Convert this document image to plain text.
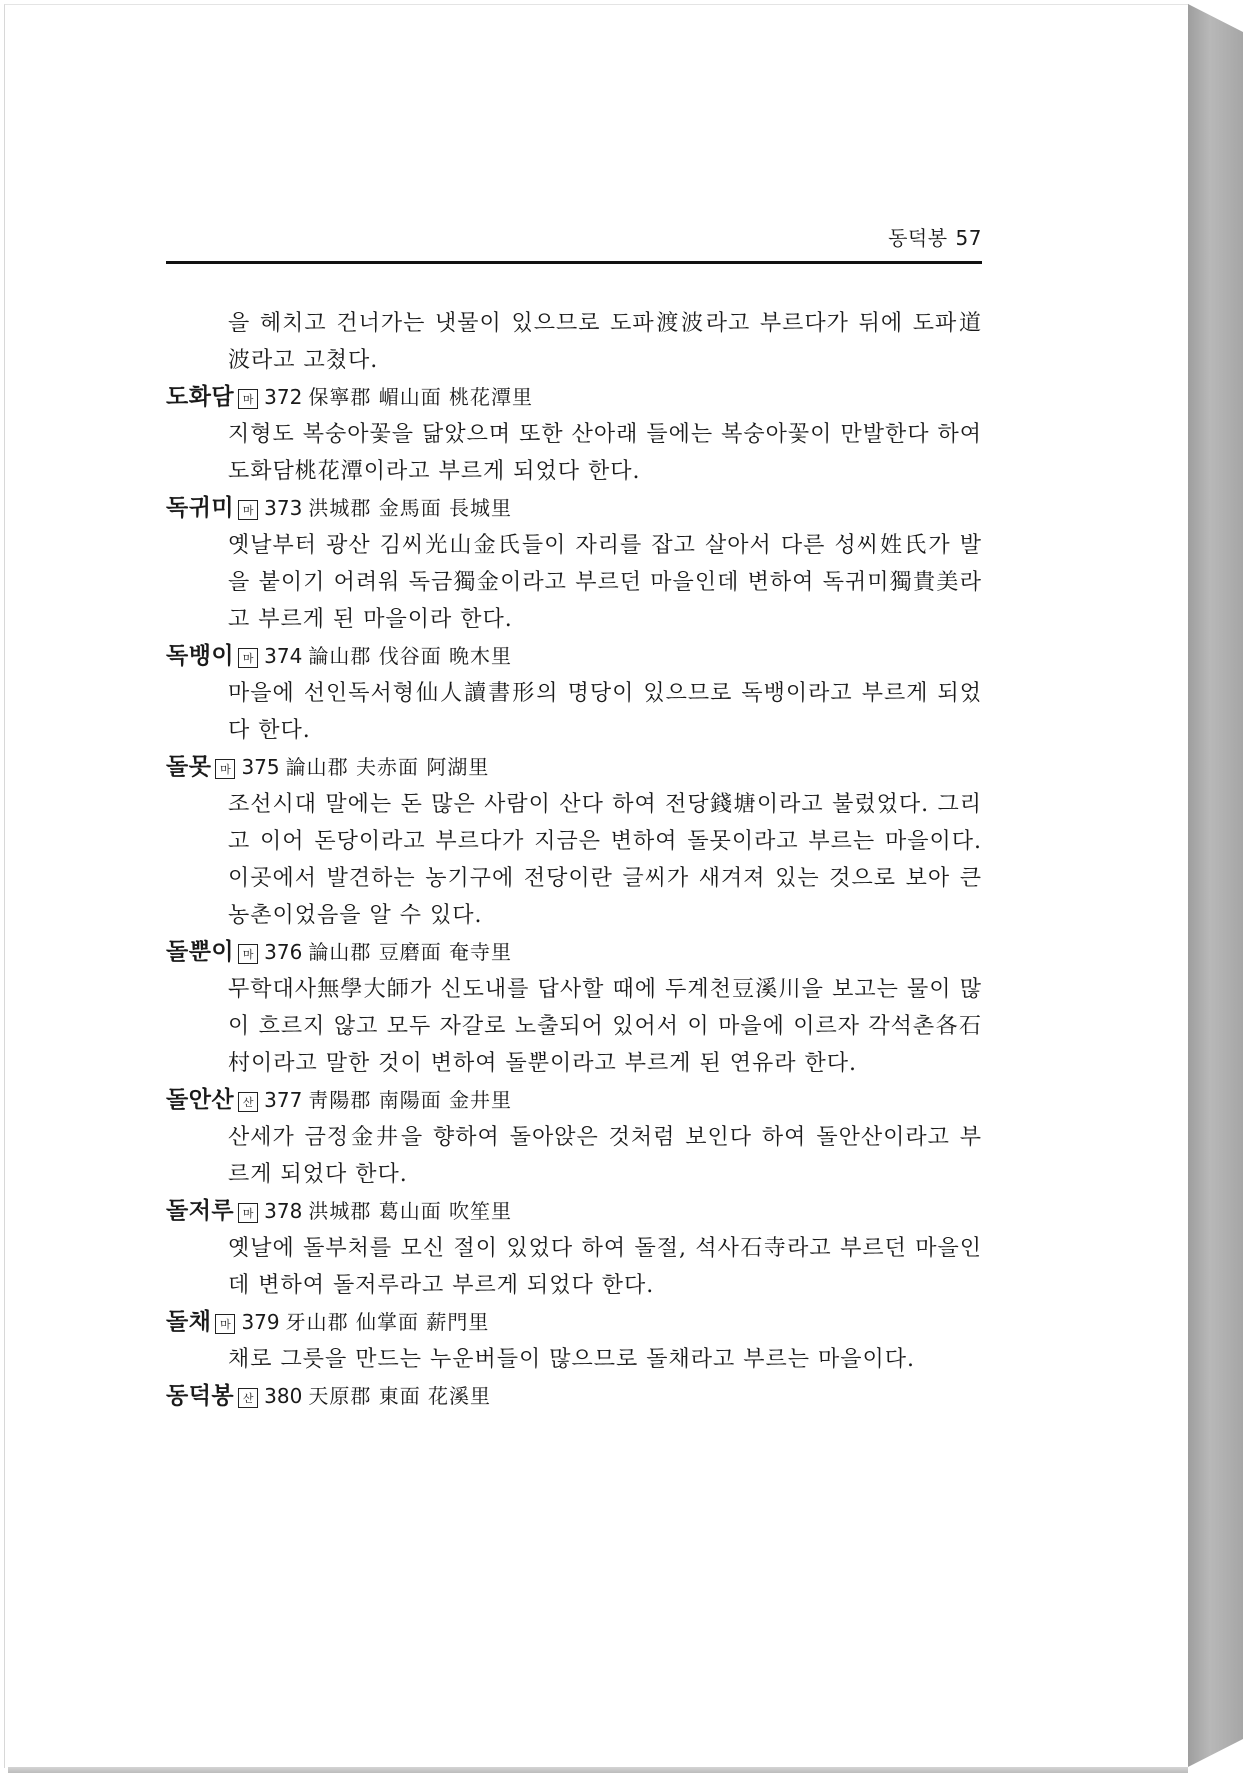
동덕봉 57
을 헤치고 건너가는 냇물이 있으므로 도파渡波라고 부르다가 뒤에 도파道波라고 고쳤다.
도화담 마 372 保寧郡 嵋山面 桃花潭里
지형도 복숭아꽃을 닮았으며 또한 산아래 들에는 복숭아꽃이 만발한다 하여 도화담桃花潭이라고 부르게 되었다 한다.
독귀미 마 373 洪城郡 金馬面 長城里
옛날부터 광산 김씨光山金氏들이 자리를 잡고 살아서 다른 성씨姓氏가 발을 붙이기 어려워 독금獨金이라고 부르던 마을인데 변하여 독귀미獨貴美라고 부르게 된 마을이라 한다.
독뱅이 마 374 論山郡 伐谷面 晩木里
마을에 선인독서형仙人讀書形의 명당이 있으므로 독뱅이라고 부르게 되었다 한다.
돌못 마 375 論山郡 夫赤面 阿湖里
조선시대 말에는 돈 많은 사람이 산다 하여 전당錢塘이라고 불렀었다. 그리고 이어 돈당이라고 부르다가 지금은 변하여 돌못이라고 부르는 마을이다. 이곳에서 발견하는 농기구에 전당이란 글씨가 새겨져 있는 것으로 보아 큰 농촌이었음을 알 수 있다.
돌뿐이 마 376 論山郡 豆磨面 奄寺里
무학대사無學大師가 신도내를 답사할 때에 두계천豆溪川을 보고는 물이 많이 흐르지 않고 모두 자갈로 노출되어 있어서 이 마을에 이르자 각석촌各石村이라고 말한 것이 변하여 돌뿐이라고 부르게 된 연유라 한다.
돌안산 산 377 靑陽郡 南陽面 金井里
산세가 금정金井을 향하여 돌아앉은 것처럼 보인다 하여 돌안산이라고 부르게 되었다 한다.
돌저루 마 378 洪城郡 葛山面 吹笙里
옛날에 돌부처를 모신 절이 있었다 하여 돌절, 석사石寺라고 부르던 마을인데 변하여 돌저루라고 부르게 되었다 한다.
돌채 마 379 牙山郡 仙掌面 薪門里
채로 그릇을 만드는 누운버들이 많으므로 돌채라고 부르는 마을이다.
동덕봉 산 380 天原郡 東面 花溪里
